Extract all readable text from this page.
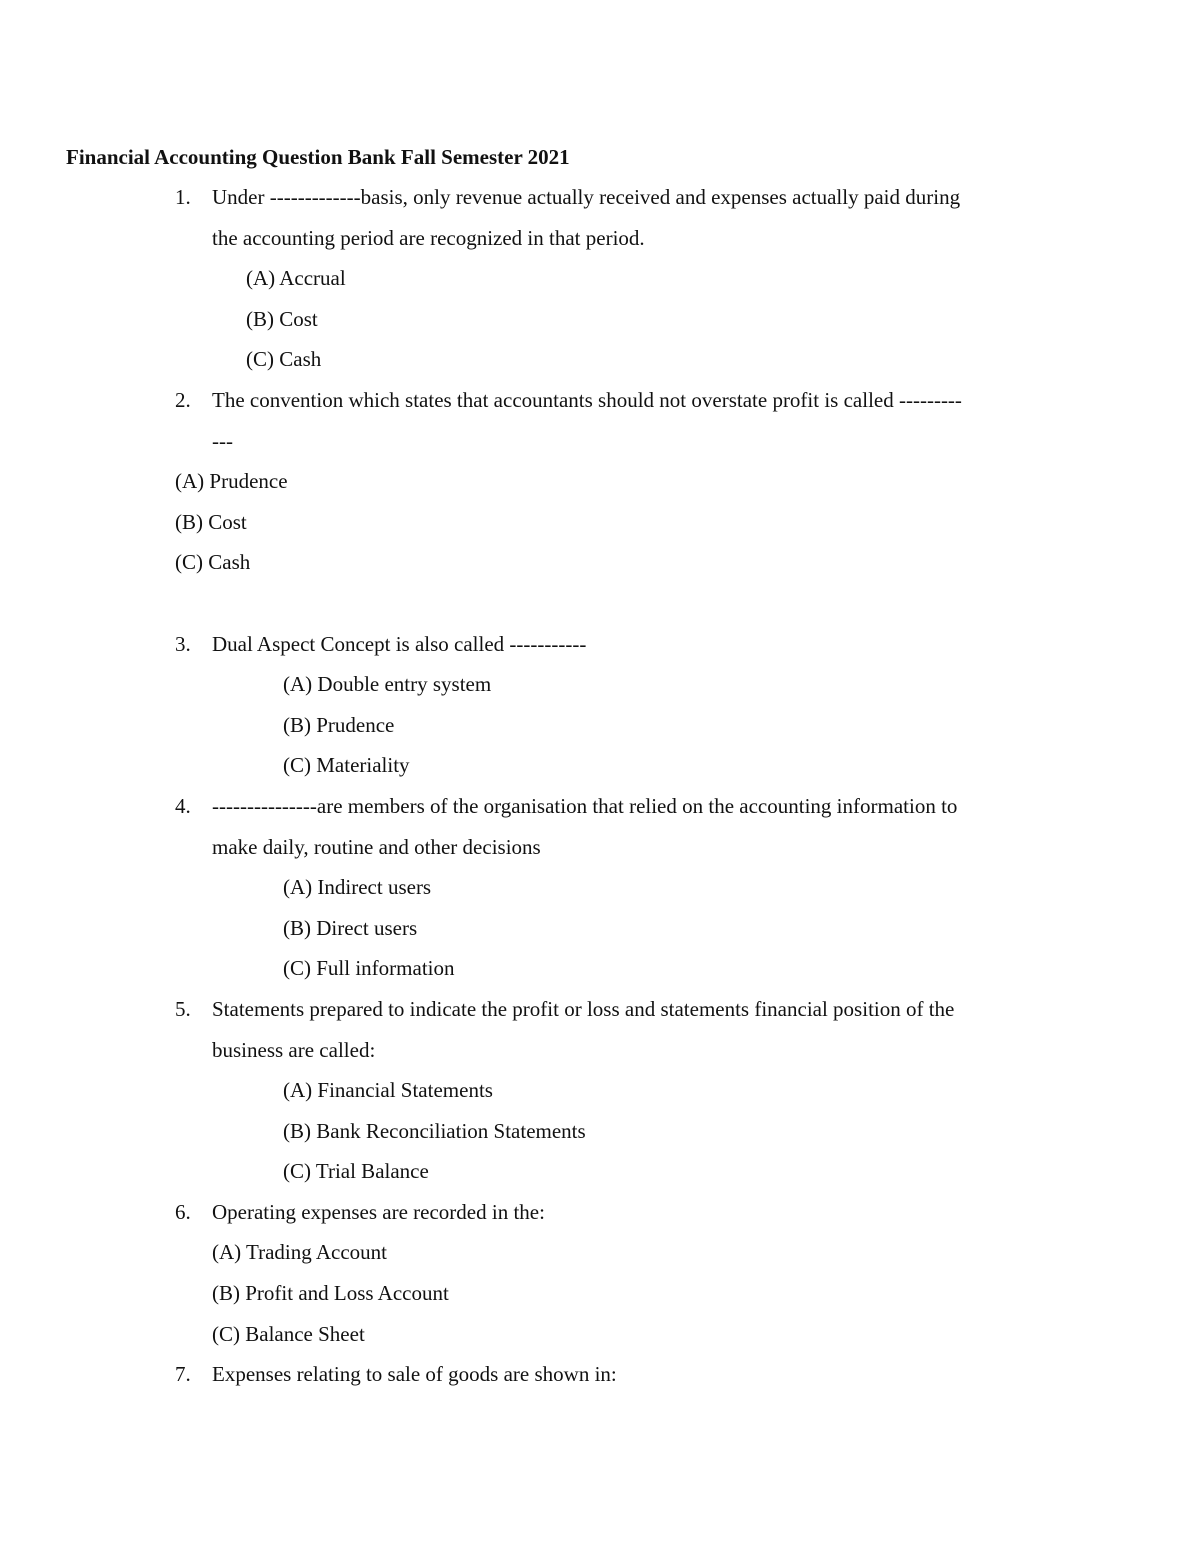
Financial Accounting Question Bank Fall Semester 2021
1. Under -------------basis, only revenue actually received and expenses actually paid during
the accounting period are recognized in that period.
(A) Accrual
(B) Cost
(C) Cash
2. The convention which states that accountants should not overstate profit is called ---------
---
(A) Prudence
(B) Cost
(C) Cash
3. Dual Aspect Concept is also called -----------
(A) Double entry system
(B) Prudence
(C) Materiality
4. ---------------are members of the organisation that relied on the accounting information to
make daily, routine and other decisions
(A) Indirect users
(B) Direct users
(C) Full information
5. Statements prepared to indicate the profit or loss and statements financial position of the
business are called:
(A) Financial Statements
(B) Bank Reconciliation Statements
(C) Trial Balance
6. Operating expenses are recorded in the:
(A) Trading Account
(B) Profit and Loss Account
(C) Balance Sheet
7. Expenses relating to sale of goods are shown in:
